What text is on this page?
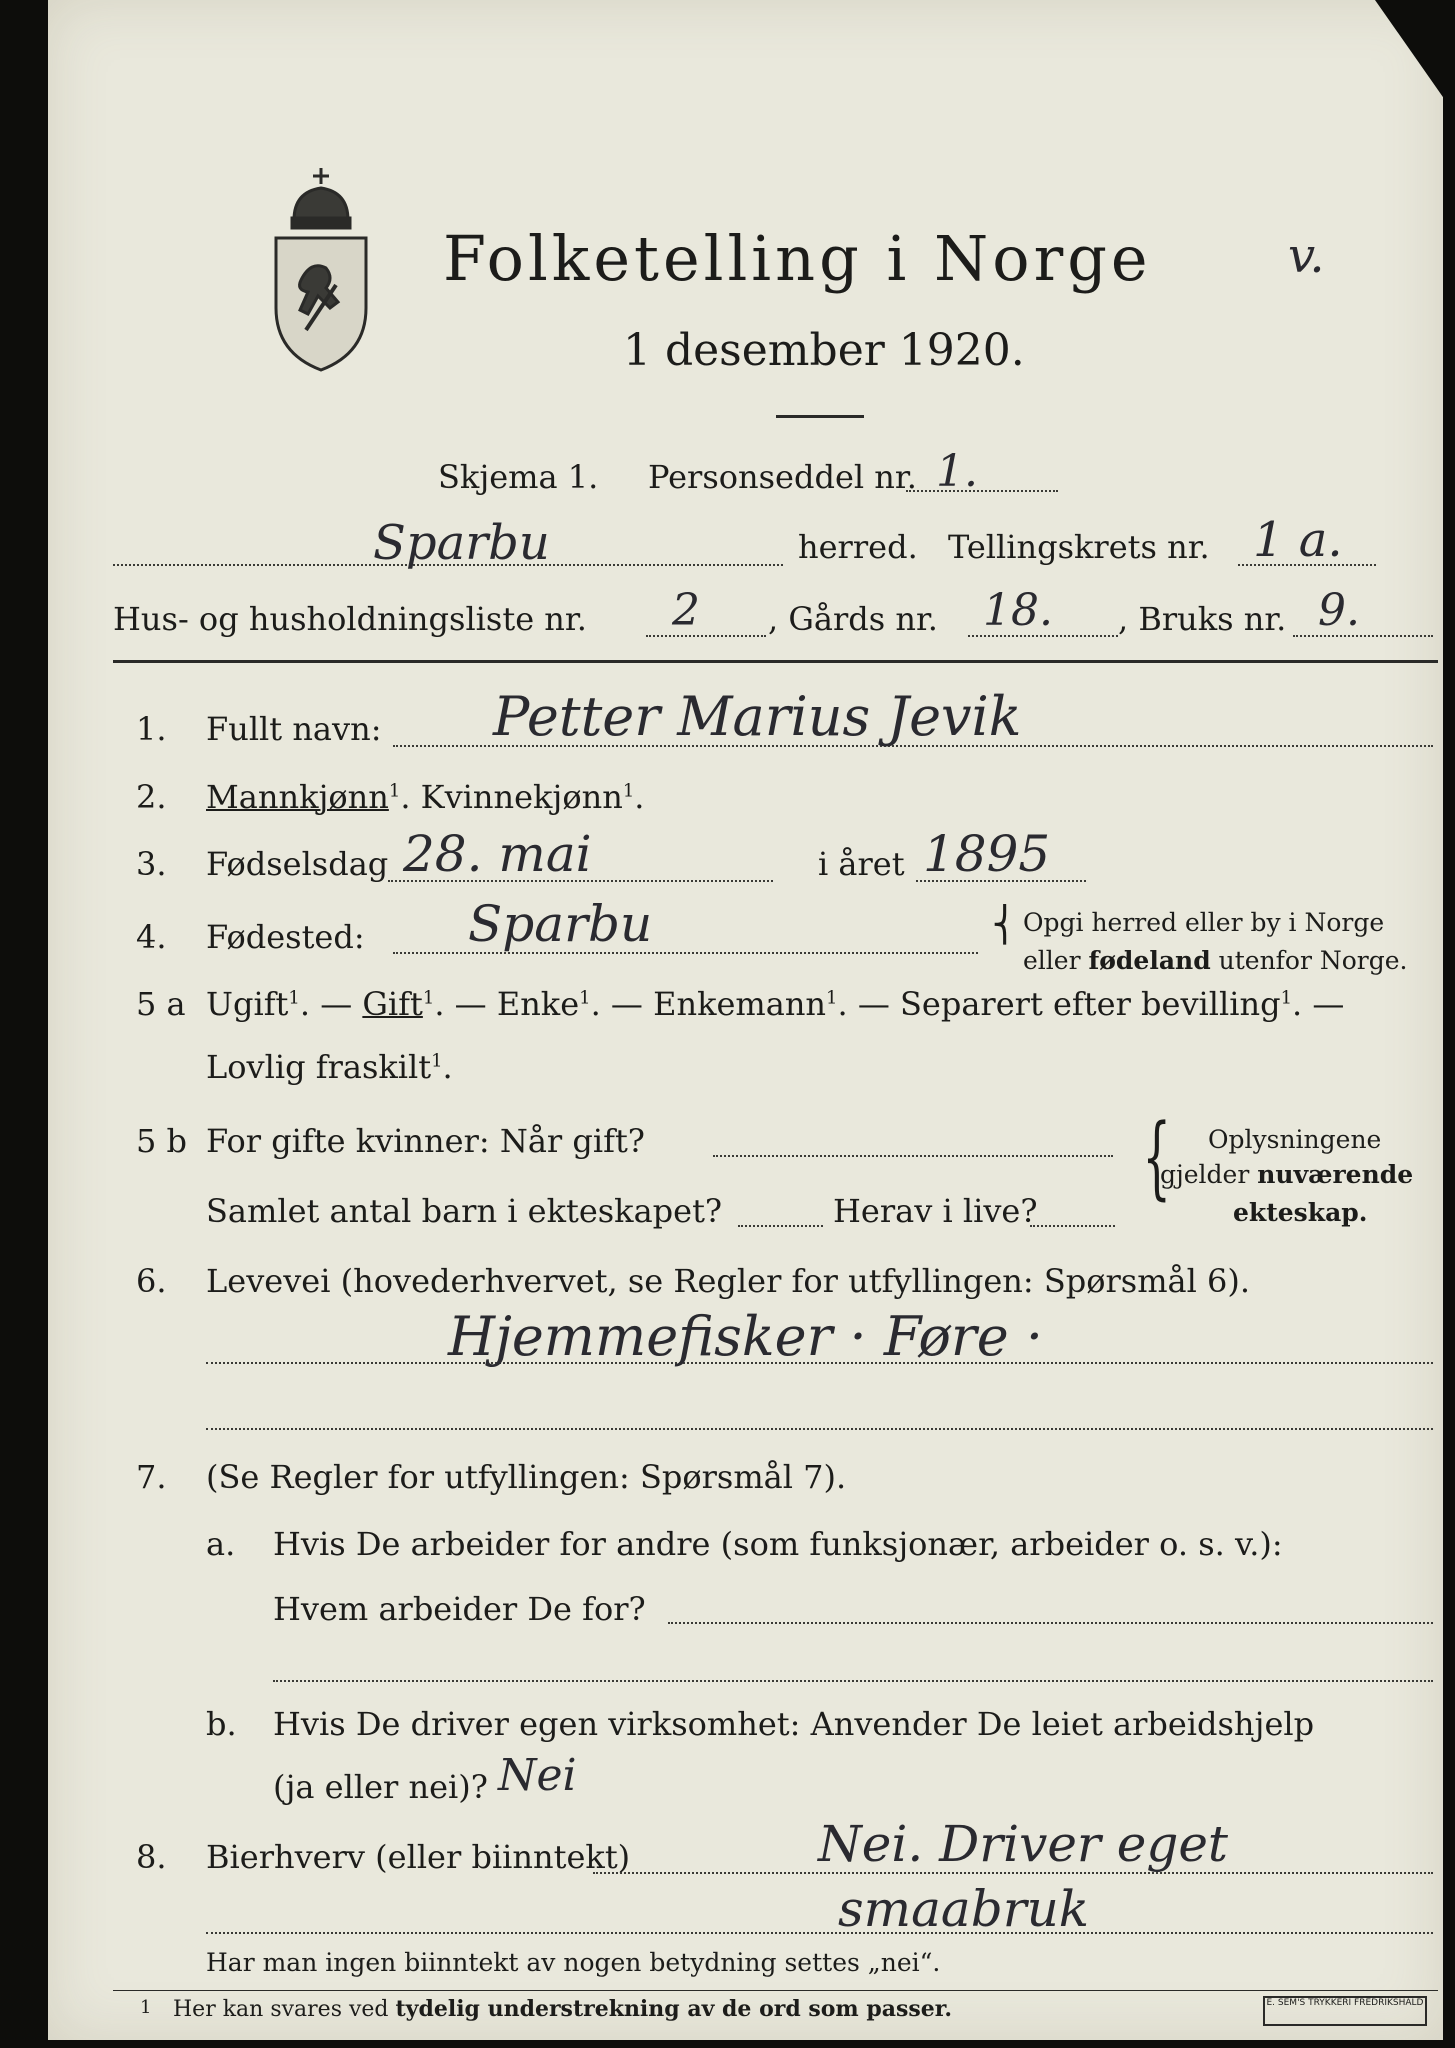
Folketelling i Norge	v.
1 desember 1920.
Skjema 1. Personseddel nr. 1.
Sparbu	herred. Tellingskrets nr. 1 a.
Hus- og husholdningsliste nr. 2 , Gårds nr. 18. , Bruks nr. 9.
1. Fullt navn: Petter Marius Jevik
2. Mannkjønn$^1$. Kvinnekjønn$^1$.
3. Fødselsdag 28. mai	i året 1895
4. Fødested: Sparbu	⎨ Opgi herred eller by i Norge
eller fødeland utenfor Norge.
5 a Ugift$^1$. — Gift$^1$. — Enke$^1$. — Enkemann$^1$. — Separert efter bevilling$^1$. —
Lovlig fraskilt$^1$.
5 b For gifte kvinner: Når gift?
Samlet antal barn i ekteskapet?	Herav i live?
{ Oplysningene
gjelder nuværende
ekteskap.
6. Levevei (hovederhvervet, se Regler for utfyllingen: Spørsmål 6).
Hjemmefisker · Føre ·
7. (Se Regler for utfyllingen: Spørsmål 7).
a. Hvis De arbeider for andre (som funksjonær, arbeider o. s. v.):
Hvem arbeider De for?
b. Hvis De driver egen virksomhet: Anvender De leiet arbeidshjelp
(ja eller nei)? Nei
8. Bierhverv (eller biinntekt)	Nei. Driver eget
smaabruk
Har man ingen biinntekt av nogen betydning settes „nei“.
1 Her kan svares ved tydelig understrekning av de ord som passer.	E. SEM'S TRYKKERI FREDRIKSHALD
